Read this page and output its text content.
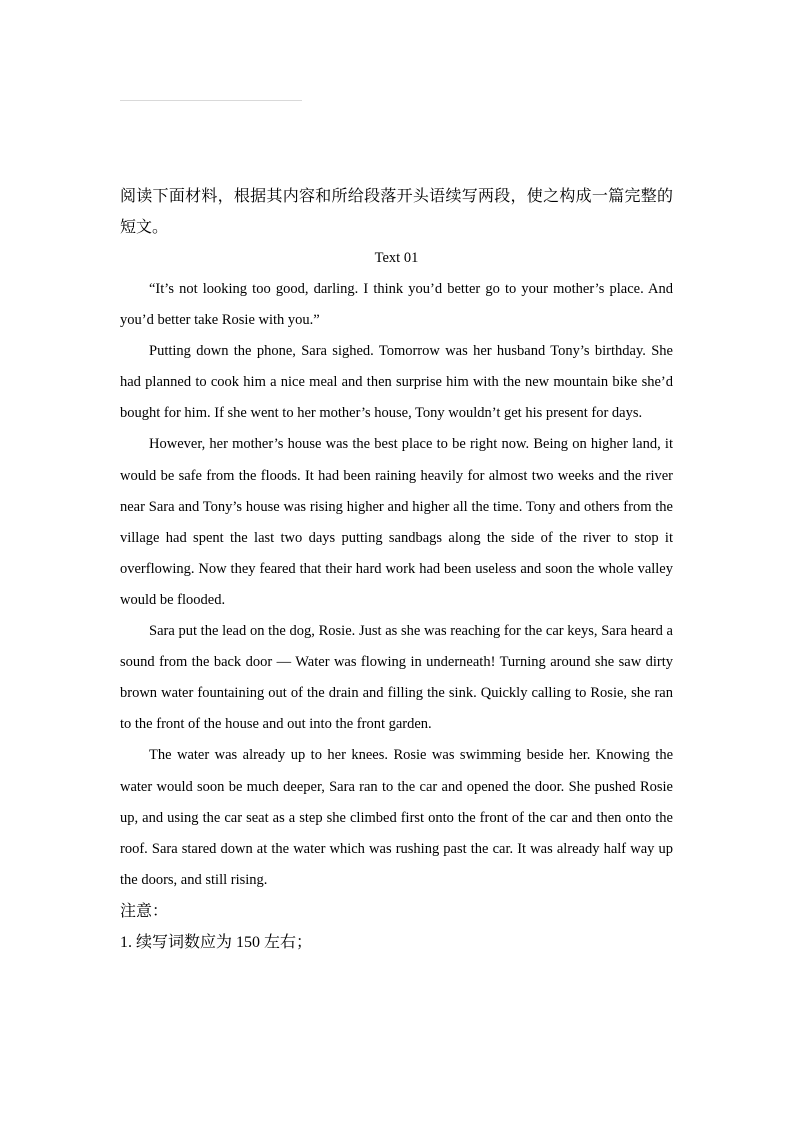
阅读下面材料，根据其内容和所给段落开头语续写两段，使之构成一篇完整的短文。

Text 01

“It’s not looking too good, darling. I think you’d better go to your mother’s place. And you’d better take Rosie with you.”

Putting down the phone, Sara sighed. Tomorrow was her husband Tony’s birthday. She had planned to cook him a nice meal and then surprise him with the new mountain bike she’d bought for him. If she went to her mother’s house, Tony wouldn’t get his present for days.

However, her mother’s house was the best place to be right now. Being on higher land, it would be safe from the floods. It had been raining heavily for almost two weeks and the river near Sara and Tony’s house was rising higher and higher all the time. Tony and others from the village had spent the last two days putting sandbags along the side of the river to stop it overflowing. Now they feared that their hard work had been useless and soon the whole valley would be flooded.

Sara put the lead on the dog, Rosie. Just as she was reaching for the car keys, Sara heard a sound from the back door — Water was flowing in underneath! Turning around she saw dirty brown water fountaining out of the drain and filling the sink. Quickly calling to Rosie, she ran to the front of the house and out into the front garden.

The water was already up to her knees. Rosie was swimming beside her. Knowing the water would soon be much deeper, Sara ran to the car and opened the door. She pushed Rosie up, and using the car seat as a step she climbed first onto the front of the car and then onto the roof. Sara stared down at the water which was rushing past the car. It was already half way up the doors, and still rising.

注意：

1. 续写词数应为 150 左右；
